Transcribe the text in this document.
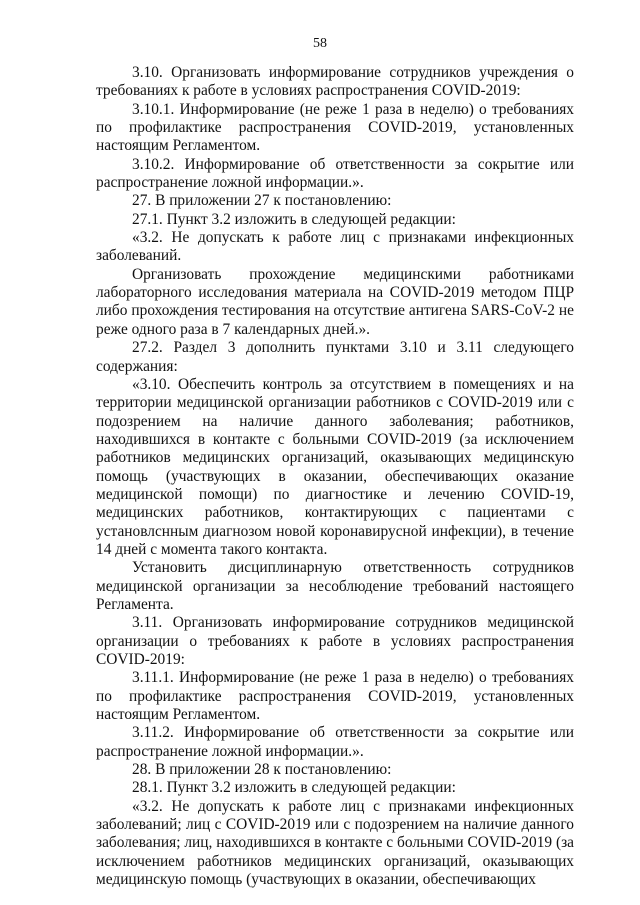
58

3.10. Организовать информирование сотрудников учреждения о требованиях к работе в условиях распространения COVID-2019:

3.10.1. Информирование (не реже 1 раза в неделю) о требованиях по профилактике распространения COVID-2019, установленных настоящим Регламентом.

3.10.2. Информирование об ответственности за сокрытие или распространение ложной информации.».

27. В приложении 27 к постановлению:

27.1. Пункт 3.2 изложить в следующей редакции:

«3.2. Не допускать к работе лиц с признаками инфекционных заболеваний.

Организовать прохождение медицинскими работниками лабораторного исследования материала на COVID-2019 методом ПЦР либо прохождения тестирования на отсутствие антигена SARS-CoV-2 не реже одного раза в 7 календарных дней.».

27.2. Раздел 3 дополнить пунктами 3.10 и 3.11 следующего содержания:

«3.10. Обеспечить контроль за отсутствием в помещениях и на территории медицинской организации работников с COVID-2019 или с подозрением на наличие данного заболевания; работников, находившихся в контакте с больными COVID-2019 (за исключением работников медицинских организаций, оказывающих медицинскую помощь (участвующих в оказании, обеспечивающих оказание медицинской помощи) по диагностике и лечению COVID-19, медицинских работников, контактирующих с пациентами с установлснным диагнозом новой коронавирусной инфекции), в течение 14 дней с момента такого контакта.

Установить дисциплинарную ответственность сотрудников медицинской организации за несоблюдение требований настоящего Регламента.

3.11. Организовать информирование сотрудников медицинской организации о требованиях к работе в условиях распространения COVID-2019:

3.11.1. Информирование (не реже 1 раза в неделю) о требованиях по профилактике распространения COVID-2019, установленных настоящим Регламентом.

3.11.2. Информирование об ответственности за сокрытие или распространение ложной информации.».

28. В приложении 28 к постановлению:

28.1. Пункт 3.2 изложить в следующей редакции:

«3.2. Не допускать к работе лиц с признаками инфекционных заболеваний; лиц с COVID-2019 или с подозрением на наличие данного заболевания; лиц, находившихся в контакте с больными COVID-2019 (за исключением работников медицинских организаций, оказывающих медицинскую помощь (участвующих в оказании, обеспечивающих
